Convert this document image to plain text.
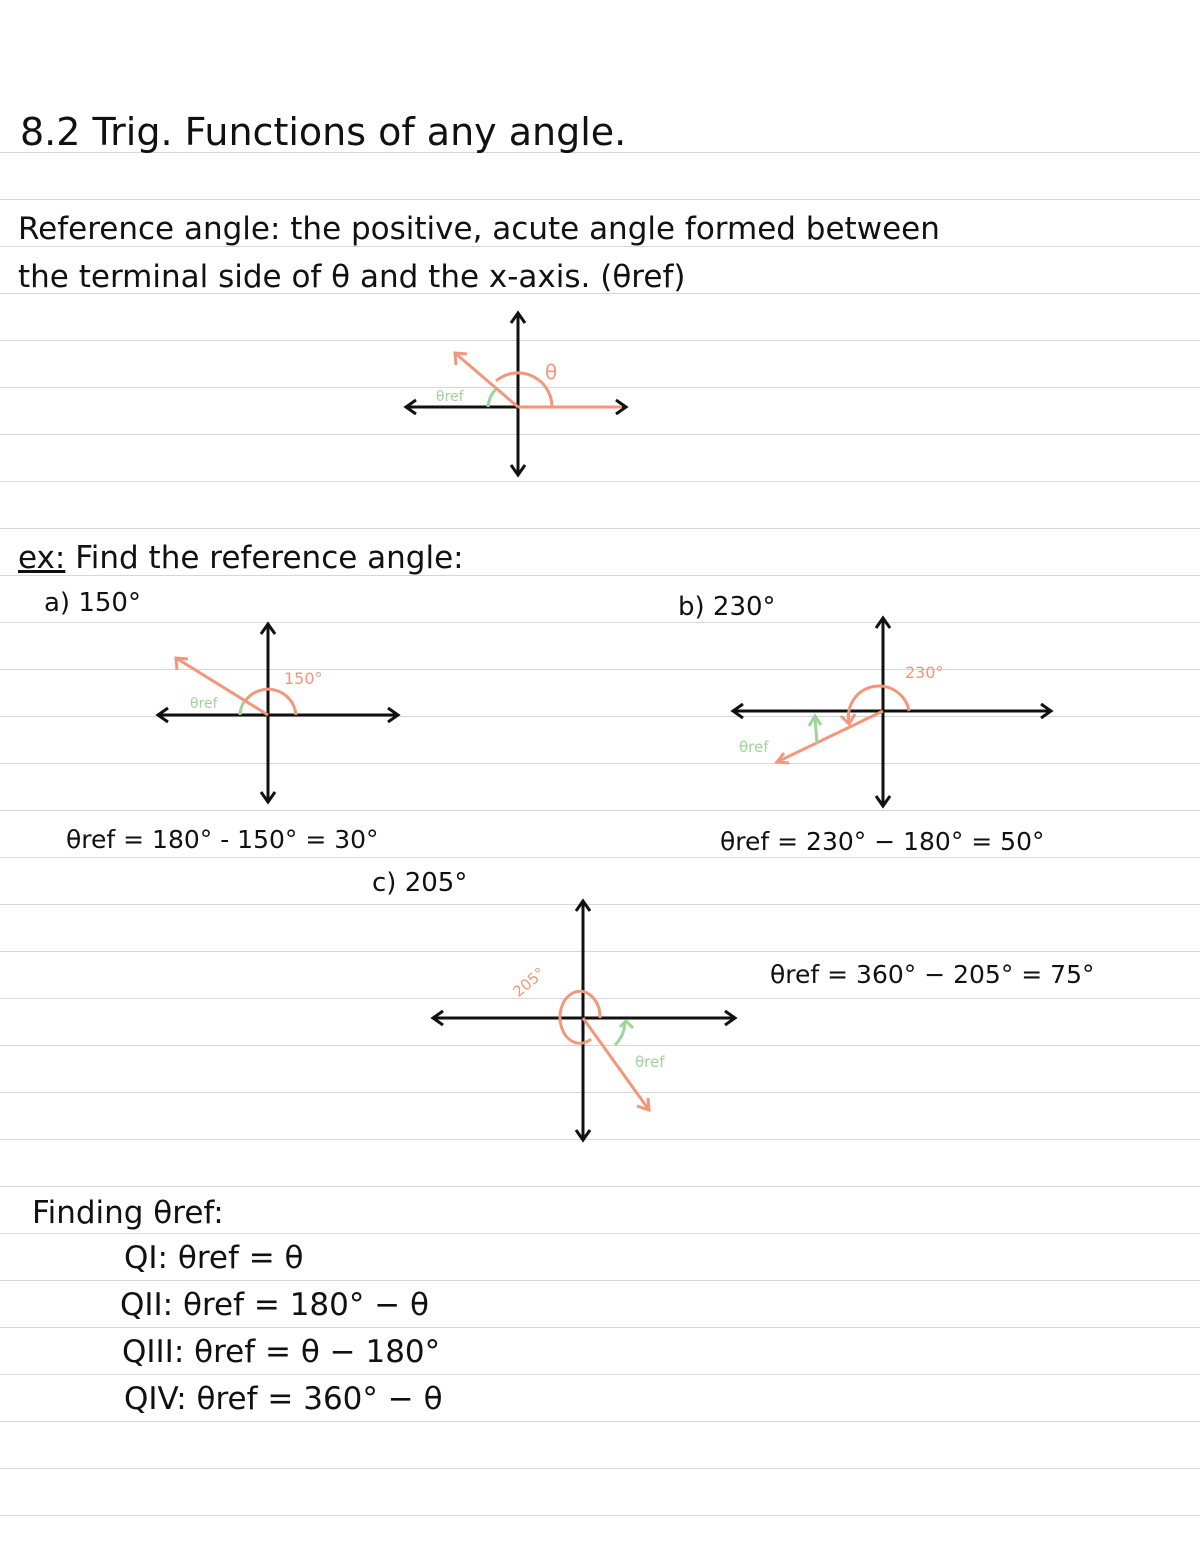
8.2 Trig. Functions of any angle.
Reference angle: the positive, acute angle formed between
the terminal side of θ and the x-axis. (θref)
θ
θref
ex: Find the reference angle:
a) 150°
150°
θref
θref = 180° - 150° = 30°
b) 230°
230°
θref
θref = 230° − 180° = 50°
c) 205°
205°
θref
θref = 360° − 205° = 75°
Finding θref:
QI: θref = θ
QII: θref = 180° − θ
QIII: θref = θ − 180°
QIV: θref = 360° − θ
